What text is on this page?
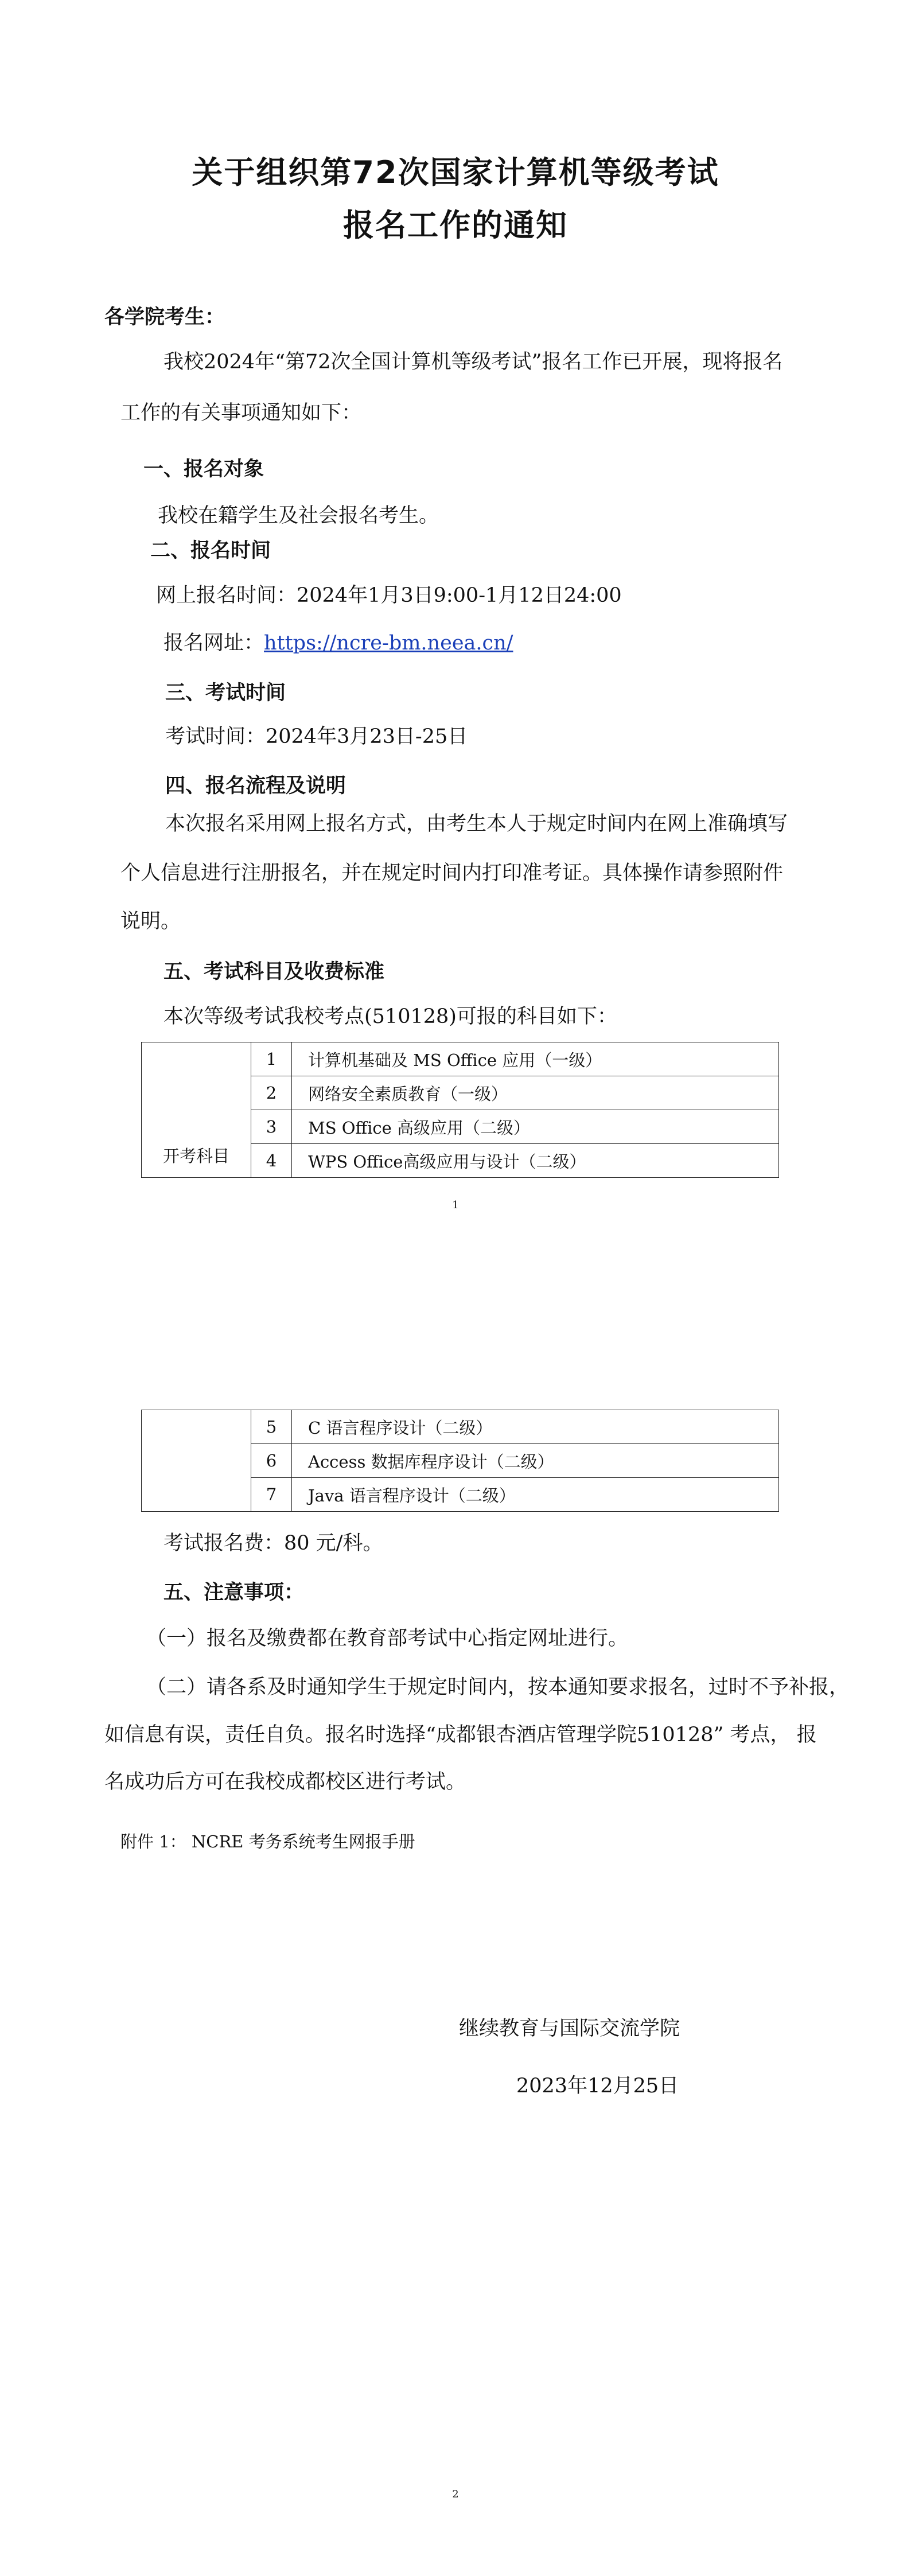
关于组织第72次国家计算机等级考试
报名工作的通知
各学院考生：
我校2024年“第72次全国计算机等级考试”报名工作已开展，现将报名
工作的有关事项通知如下：
一、报名对象
我校在籍学生及社会报名考生。
二、报名时间
网上报名时间：2024年1月3日9:00-1月12日24:00
报名网址：https://ncre-bm.neea.cn/
三、考试时间
考试时间：2024年3月23日-25日
四、报名流程及说明
本次报名采用网上报名方式，由考生本人于规定时间内在网上准确填写
个人信息进行注册报名，并在规定时间内打印准考证。具体操作请参照附件
说明。
五、考试科目及收费标准
本次等级考试我校考点(510128)可报的科目如下：
开考科目	1	计算机基础及 MS Office 应用（一级）
	2	网络安全素质教育（一级）
	3	MS Office 高级应用（二级）
	4	WPS Office高级应用与设计（二级）
1
	5	C 语言程序设计（二级）
	6	Access 数据库程序设计（二级）
	7	Java 语言程序设计（二级）
考试报名费：80 元/科。
五、注意事项：
（一）报名及缴费都在教育部考试中心指定网址进行。
（二）请各系及时通知学生于规定时间内，按本通知要求报名，过时不予补报，
如信息有误，责任自负。报名时选择“成都银杏酒店管理学院510128” 考点， 报
名成功后方可在我校成都校区进行考试。
附件 1： NCRE 考务系统考生网报手册
继续教育与国际交流学院
2023年12月25日
2
